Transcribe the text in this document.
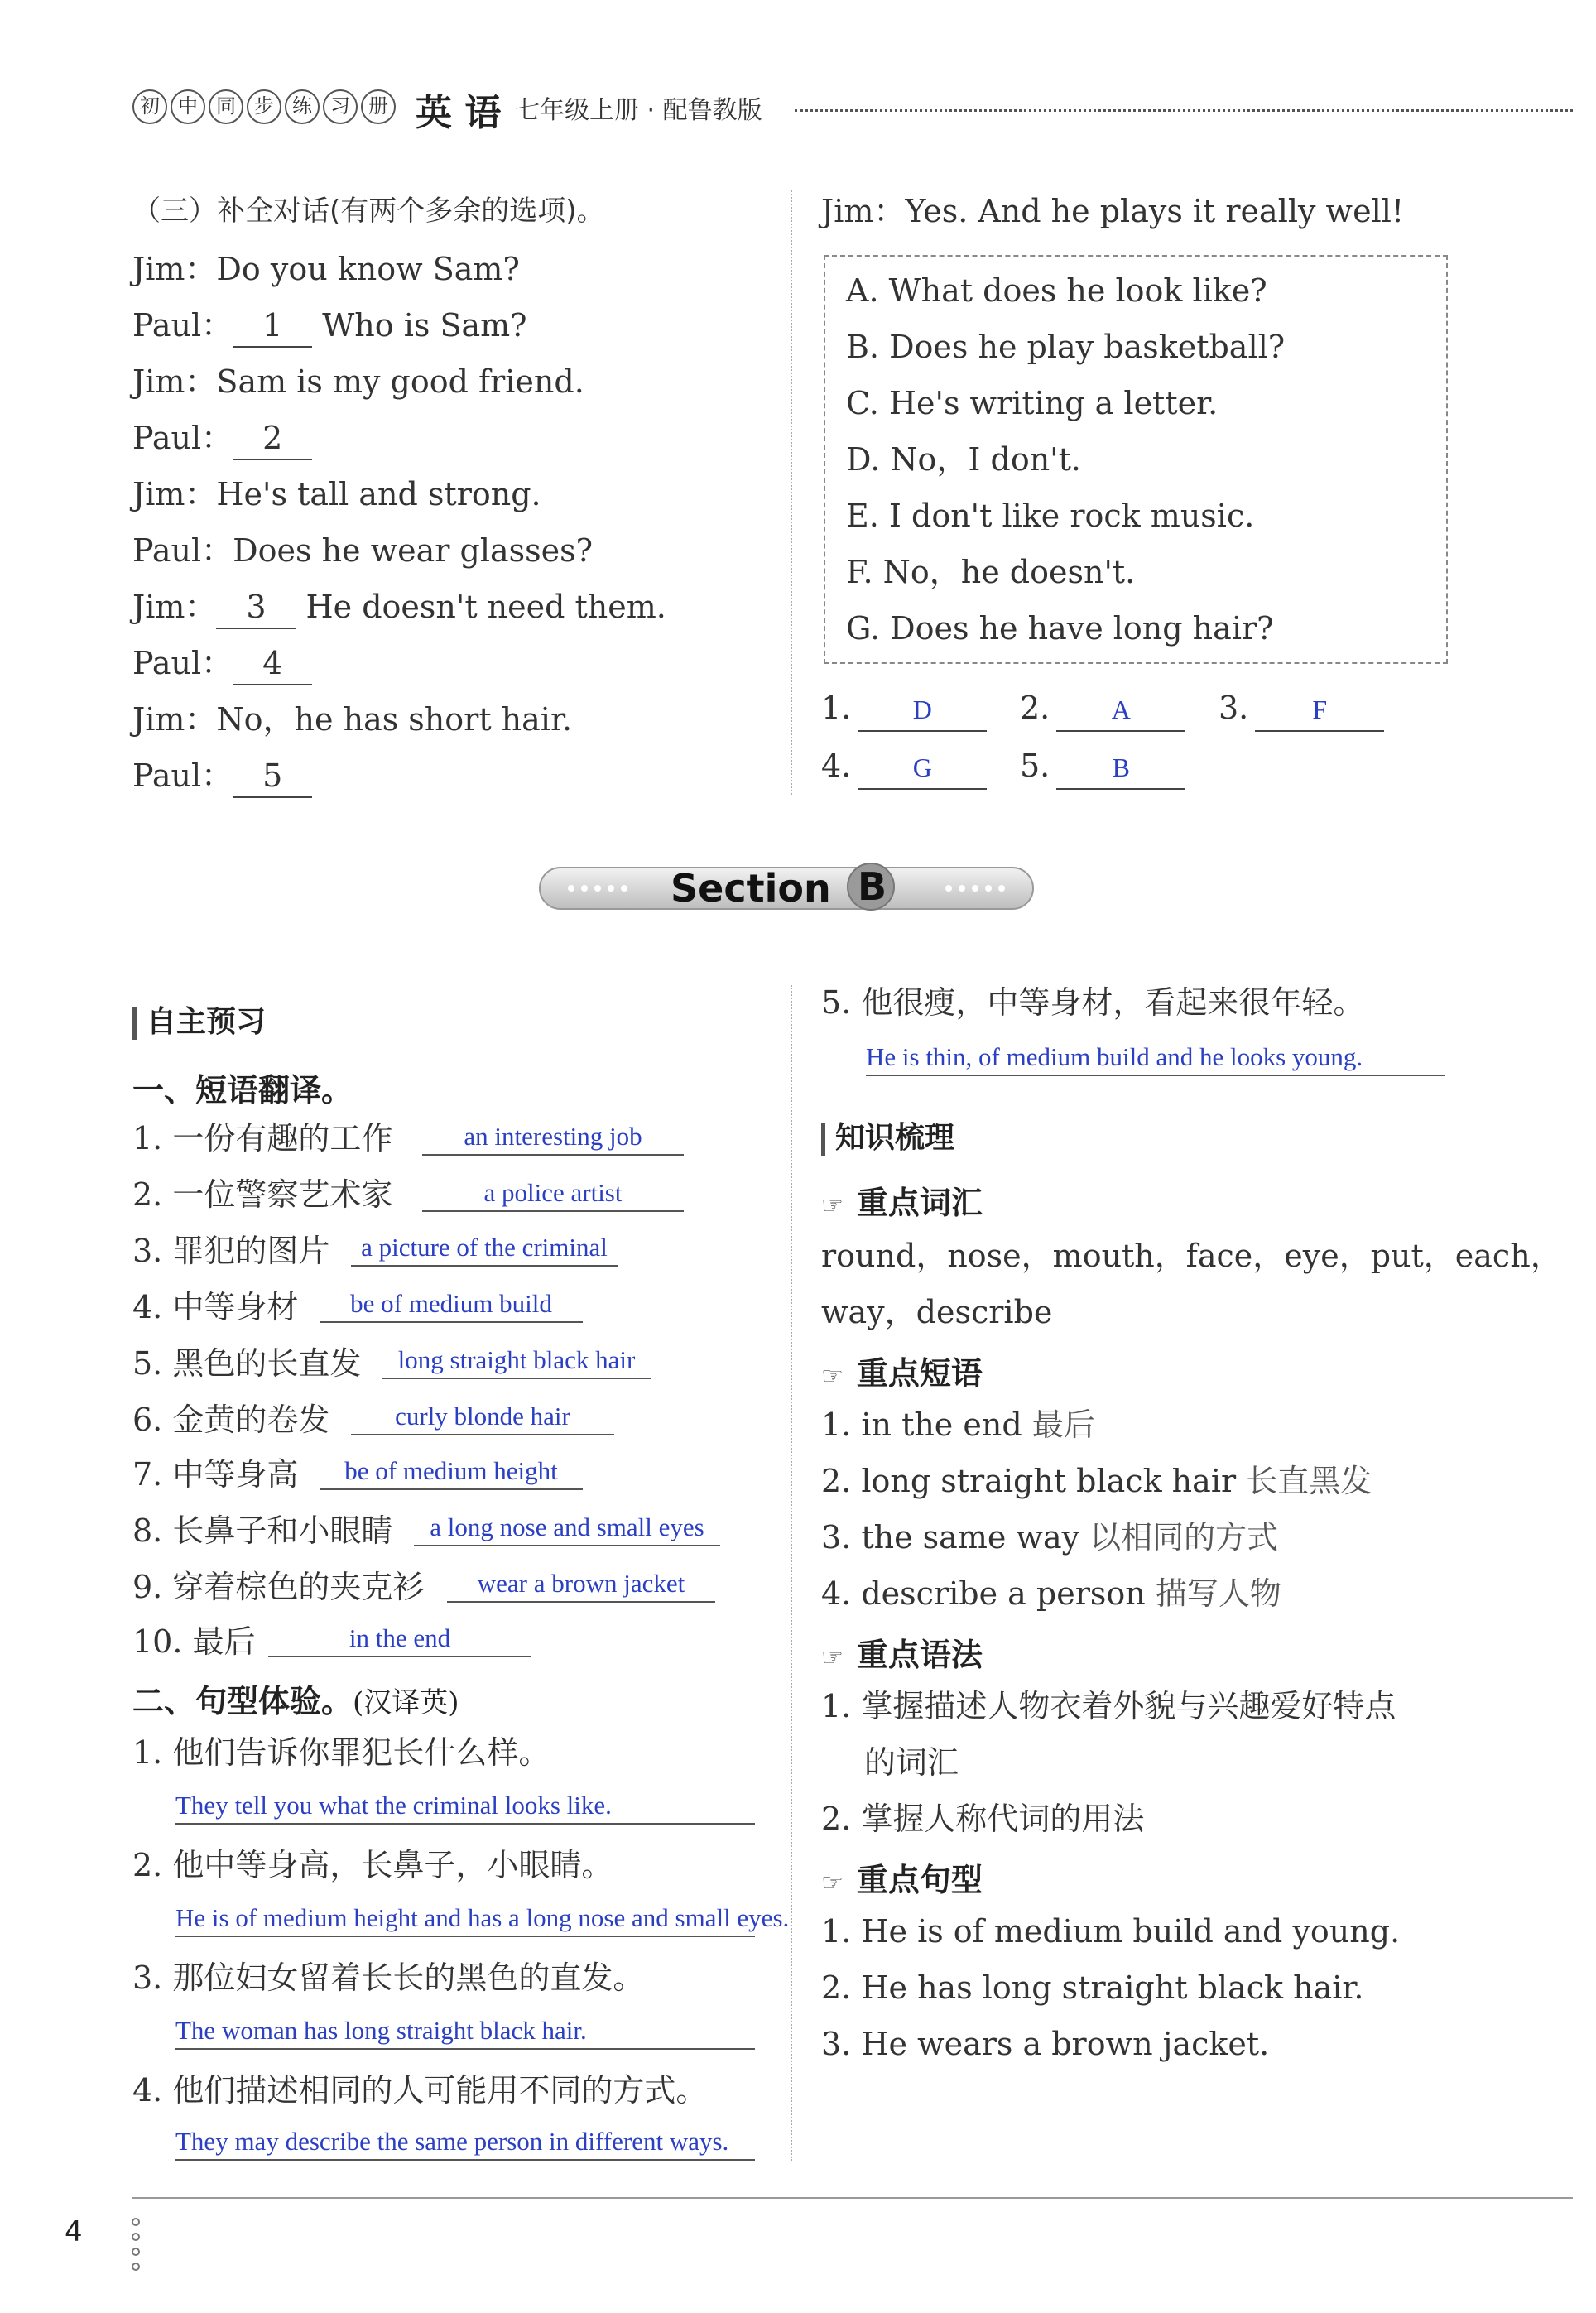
初 中 同 步 练 习 册 英 语 七年级上册 · 配鲁教版
（三）补全对话(有两个多余的选项)。
Jim：Do you know Sam?
Paul： 1 Who is Sam?
Jim：Sam is my good friend.
Paul： 2
Jim：He's tall and strong.
Paul：Does he wear glasses?
Jim： 3 He doesn't need them.
Paul： 4
Jim：No，he has short hair.
Paul： 5
Jim：Yes. And he plays it really well!
A. What does he look like?
B. Does he play basketball?
C. He's writing a letter.
D. No，I don't.
E. I don't like rock music.
F. No，he doesn't.
G. Does he have long hair?
1. D	2. A	3. F
4. G	5. B
Section B
自主预习
一、短语翻译。
1. 一份有趣的工作	an interesting job
2. 一位警察艺术家	a police artist
3. 罪犯的图片	a picture of the criminal
4. 中等身材	be of medium build
5. 黑色的长直发	long straight black hair
6. 金黄的卷发	curly blonde hair
7. 中等身高	be of medium height
8. 长鼻子和小眼睛	a long nose and small eyes
9. 穿着棕色的夹克衫	wear a brown jacket
10. 最后	in the end
二、句型体验。(汉译英)
1. 他们告诉你罪犯长什么样。
They tell you what the criminal looks like.
2. 他中等身高，长鼻子，小眼睛。
He is of medium height and has a long nose and small eyes.
3. 那位妇女留着长长的黑色的直发。
The woman has long straight black hair.
4. 他们描述相同的人可能用不同的方式。
They may describe the same person in different ways.
5. 他很瘦，中等身材，看起来很年轻。
He is thin, of medium build and he looks young.
知识梳理
☞ 重点词汇
round，nose，mouth，face，eye，put，each，
way，describe
☞ 重点短语
1. in the end 最后
2. long straight black hair 长直黑发
3. the same way 以相同的方式
4. describe a person 描写人物
☞ 重点语法
1. 掌握描述人物衣着外貌与兴趣爱好特点
的词汇
2. 掌握人称代词的用法
☞ 重点句型
1. He is of medium build and young.
2. He has long straight black hair.
3. He wears a brown jacket.
4
